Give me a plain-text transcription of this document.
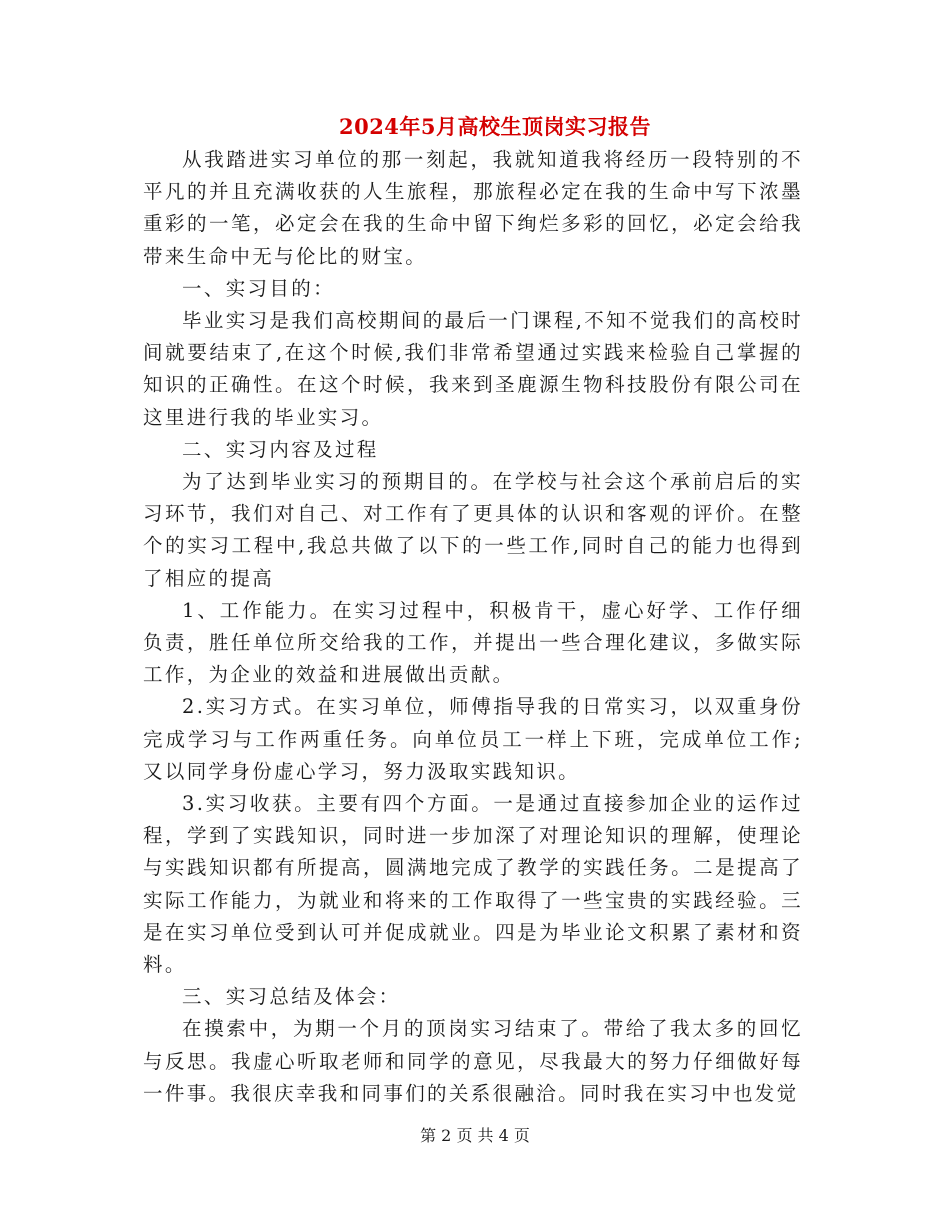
2024年5月高校生顶岗实习报告

从我踏进实习单位的那一刻起，我就知道我将经历一段特别的不平凡的并且充满收获的人生旅程，那旅程必定在我的生命中写下浓墨重彩的一笔，必定会在我的生命中留下绚烂多彩的回忆，必定会给我带来生命中无与伦比的财宝。

一、实习目的：

毕业实习是我们高校期间的最后一门课程,不知不觉我们的高校时间就要结束了,在这个时候,我们非常希望通过实践来检验自己掌握的知识的正确性。在这个时候，我来到圣鹿源生物科技股份有限公司在这里进行我的毕业实习。

二、实习内容及过程

为了达到毕业实习的预期目的。在学校与社会这个承前启后的实习环节，我们对自己、对工作有了更具体的认识和客观的评价。在整个的实习工程中,我总共做了以下的一些工作,同时自己的能力也得到了相应的提高

1、工作能力。在实习过程中，积极肯干，虚心好学、工作仔细负责，胜任单位所交给我的工作，并提出一些合理化建议，多做实际工作，为企业的效益和进展做出贡献。

2.实习方式。在实习单位，师傅指导我的日常实习，以双重身份完成学习与工作两重任务。向单位员工一样上下班，完成单位工作;又以同学身份虚心学习，努力汲取实践知识。

3.实习收获。主要有四个方面。一是通过直接参加企业的运作过程，学到了实践知识，同时进一步加深了对理论知识的理解，使理论与实践知识都有所提高，圆满地完成了教学的实践任务。二是提高了实际工作能力，为就业和将来的工作取得了一些宝贵的实践经验。三是在实习单位受到认可并促成就业。四是为毕业论文积累了素材和资料。

三、实习总结及体会：

在摸索中，为期一个月的顶岗实习结束了。带给了我太多的回忆与反思。我虚心听取老师和同学的意见，尽我最大的努力仔细做好每一件事。我很庆幸我和同事们的关系很融洽。同时我在实习中也发觉

第 2 页 共 4 页
